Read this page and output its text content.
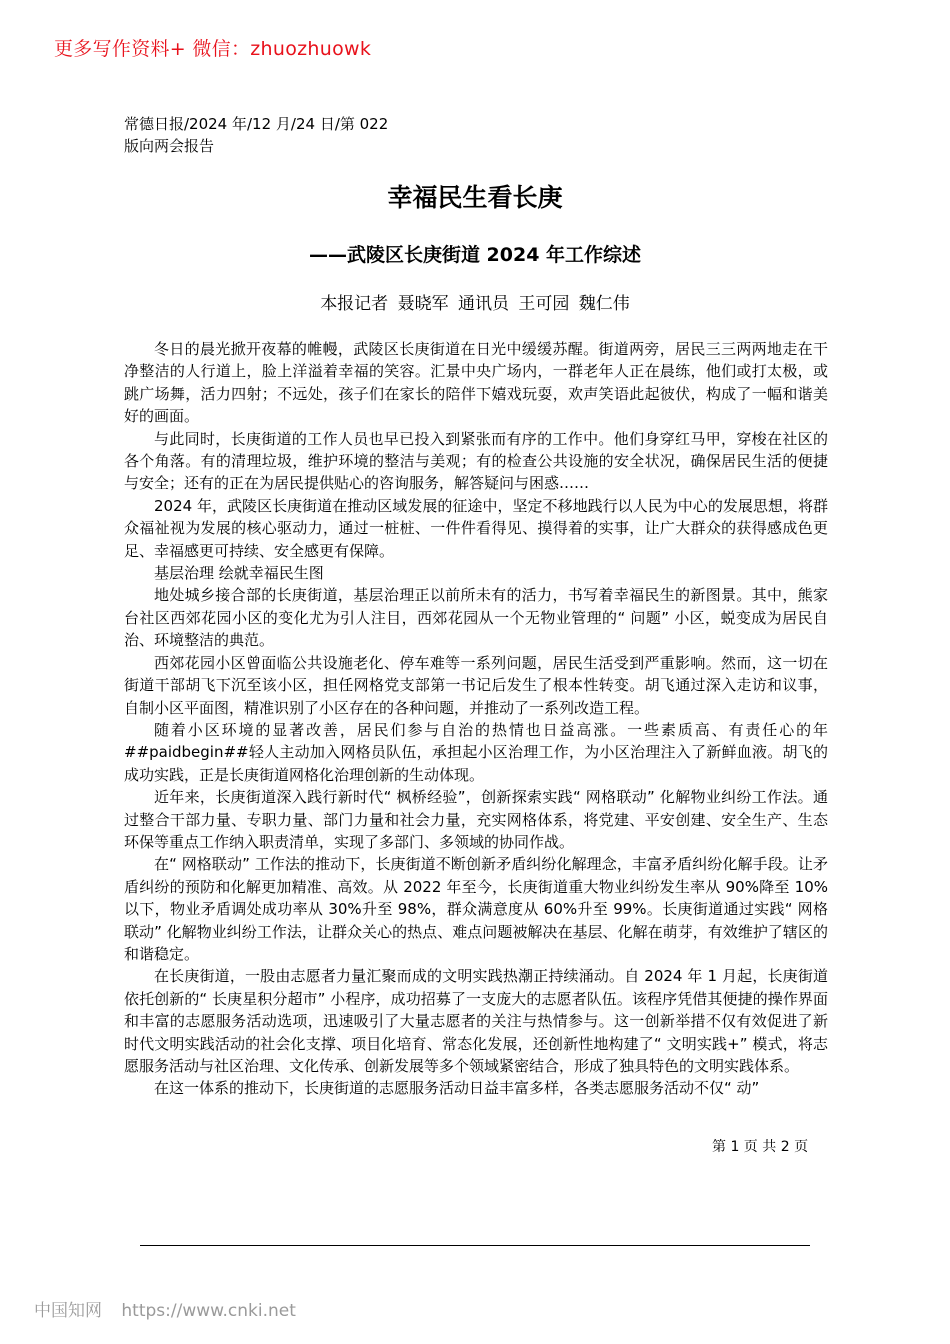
更多写作资料+ 微信：zhuozhuowk
常德日报/2024 年/12 月/24 日/第 022
版向两会报告
幸福民生看长庚
——武陵区长庚街道 2024 年工作综述
本报记者 聂晓军 通讯员 王可园 魏仁伟

冬日的晨光掀开夜幕的帷幔，武陵区长庚街道在日光中缓缓苏醒。街道两旁，居民三三两两地走在干净整洁的人行道上，脸上洋溢着幸福的笑容。汇景中央广场内，一群老年人正在晨练，他们或打太极，或跳广场舞，活力四射；不远处，孩子们在家长的陪伴下嬉戏玩耍，欢声笑语此起彼伏，构成了一幅和谐美好的画面。

与此同时，长庚街道的工作人员也早已投入到紧张而有序的工作中。他们身穿红马甲，穿梭在社区的各个角落。有的清理垃圾，维护环境的整洁与美观；有的检查公共设施的安全状况，确保居民生活的便捷与安全；还有的正在为居民提供贴心的咨询服务，解答疑问与困惑……

2024 年，武陵区长庚街道在推动区域发展的征途中，坚定不移地践行以人民为中心的发展思想，将群众福祉视为发展的核心驱动力，通过一桩桩、一件件看得见、摸得着的实事，让广大群众的获得感成色更足、幸福感更可持续、安全感更有保障。

基层治理 绘就幸福民生图

地处城乡接合部的长庚街道，基层治理正以前所未有的活力，书写着幸福民生的新图景。其中，熊家台社区西郊花园小区的变化尤为引人注目，西郊花园从一个无物业管理的“ 问题” 小区，蜕变成为居民自治、环境整洁的典范。

西郊花园小区曾面临公共设施老化、停车难等一系列问题，居民生活受到严重影响。然而，这一切在街道干部胡飞下沉至该小区，担任网格党支部第一书记后发生了根本性转变。胡飞通过深入走访和议事，自制小区平面图，精准识别了小区存在的各种问题，并推动了一系列改造工程。

随着小区环境的显著改善，居民们参与自治的热情也日益高涨。一些素质高、有责任心的年##paidbegin##轻人主动加入网格员队伍，承担起小区治理工作，为小区治理注入了新鲜血液。胡飞的成功实践，正是长庚街道网格化治理创新的生动体现。

近年来，长庚街道深入践行新时代“ 枫桥经验”，创新探索实践“ 网格联动” 化解物业纠纷工作法。通过整合干部力量、专职力量、部门力量和社会力量，充实网格体系，将党建、平安创建、安全生产、生态环保等重点工作纳入职责清单，实现了多部门、多领域的协同作战。

在“ 网格联动” 工作法的推动下，长庚街道不断创新矛盾纠纷化解理念，丰富矛盾纠纷化解手段。让矛盾纠纷的预防和化解更加精准、高效。从 2022 年至今，长庚街道重大物业纠纷发生率从 90%降至 10%以下，物业矛盾调处成功率从 30%升至 98%，群众满意度从 60%升至 99%。长庚街道通过实践“ 网格联动” 化解物业纠纷工作法，让群众关心的热点、难点问题被解决在基层、化解在萌芽，有效维护了辖区的和谐稳定。

在长庚街道，一股由志愿者力量汇聚而成的文明实践热潮正持续涌动。自 2024 年 1 月起，长庚街道依托创新的“ 长庚星积分超市” 小程序，成功招募了一支庞大的志愿者队伍。该程序凭借其便捷的操作界面和丰富的志愿服务活动选项，迅速吸引了大量志愿者的关注与热情参与。这一创新举措不仅有效促进了新时代文明实践活动的社会化支撑、项目化培育、常态化发展，还创新性地构建了“ 文明实践+” 模式，将志愿服务活动与社区治理、文化传承、创新发展等多个领域紧密结合，形成了独具特色的文明实践体系。

在这一体系的推动下，长庚街道的志愿服务活动日益丰富多样，各类志愿服务活动不仅“ 动”

第 1 页 共 2 页
中国知网 https://www.cnki.net
